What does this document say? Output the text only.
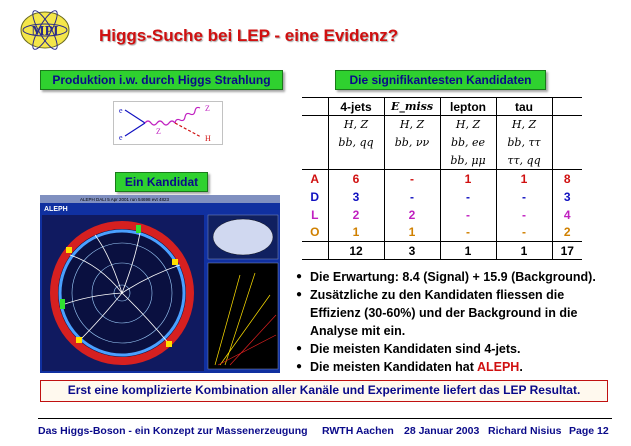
MPI Higgs-Suche bei LEP - eine Evidenz?
Produktion i.w. durch Higgs Strahlung	Die signifikantesten Kandidaten
e
e
Z
Z
H
Ein Kandidat
ALEPH DALI 5 Apr 2001 run 54698 evt 4823
ALEPH
	4-jets	E_miss	lepton	tau	
	H, Z	H, Z	H, Z	H, Z	
	bb, qq	bb, νν	bb, ee	bb, ττ	
			bb, μμ	ττ, qq	
A	6	-	1	1	8
D	3	-	-	-	3
L	2	2	-	-	4
O	1	1	-	-	2
	12	3	1	1	17
● Die Erwartung: 8.4 (Signal) + 15.9 (Background).
● Zusätzliche zu den Kandidaten fliessen die
Effizienz (30-60%) und der Background in die
Analyse mit ein.
● Die meisten Kandidaten sind 4-jets.
● Die meisten Kandidaten hat ALEPH.
Erst eine komplizierte Kombination aller Kanäle und Experimente liefert das LEP Resultat.
Das Higgs-Boson - ein Konzept zur Massenerzeugung RWTH Aachen 28 Januar 2003 Richard Nisius Page 12
